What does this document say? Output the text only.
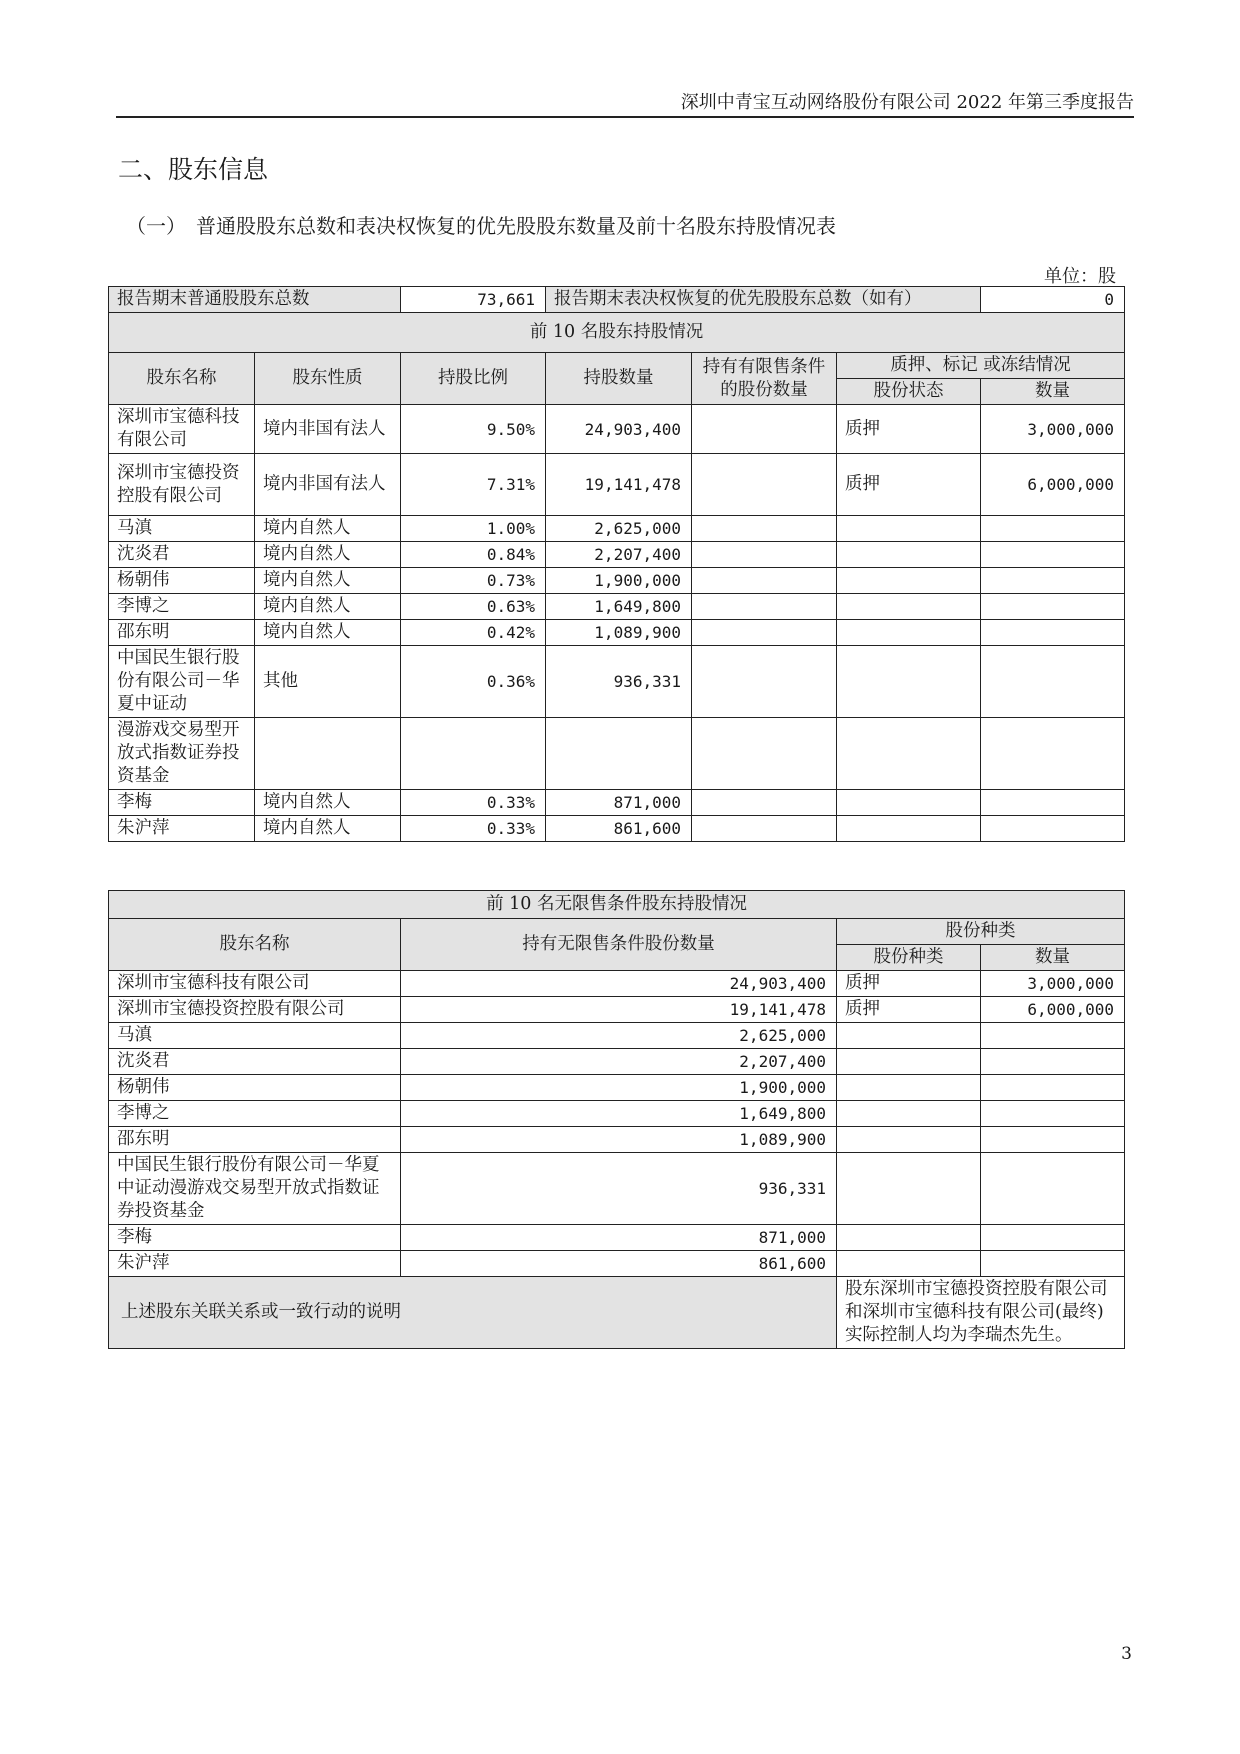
深圳中青宝互动网络股份有限公司 2022 年第三季度报告
二、股东信息
（一） 普通股股东总数和表决权恢复的优先股股东数量及前十名股东持股情况表
单位：股
报告期末普通股股东总数		73,661	报告期末表决权恢复的优先股股东总数（如有）			0
前 10 名股东持股情况						
股东名称	股东性质	持股比例	持股数量	持有有限售条件的股份数量	质押、标记 或冻结情况	
					股份状态	数量
深圳市宝德科技有限公司	境内非国有法人	9.50%	24,903,400		质押	3,000,000
深圳市宝德投资控股有限公司	境内非国有法人	7.31%	19,141,478		质押	6,000,000
马滇	境内自然人	1.00%	2,625,000			
沈炎君	境内自然人	0.84%	2,207,400			
杨朝伟	境内自然人	0.73%	1,900,000			
李博之	境内自然人	0.63%	1,649,800			
邵东明	境内自然人	0.42%	1,089,900			
中国民生银行股份有限公司－华夏中证动	其他	0.36%	936,331			
漫游戏交易型开放式指数证券投资基金						
李梅	境内自然人	0.33%	871,000			
朱沪萍	境内自然人	0.33%	861,600			
前 10 名无限售条件股东持股情况			
股东名称	持有无限售条件股份数量	股份种类	
		股份种类	数量
深圳市宝德科技有限公司	24,903,400	质押	3,000,000
深圳市宝德投资控股有限公司	19,141,478	质押	6,000,000
马滇	2,625,000		
沈炎君	2,207,400		
杨朝伟	1,900,000		
李博之	1,649,800		
邵东明	1,089,900		
中国民生银行股份有限公司－华夏中证动漫游戏交易型开放式指数证券投资基金	936,331		
李梅	871,000		
朱沪萍	861,600		
上述股东关联关系或一致行动的说明		股东深圳市宝德投资控股有限公司和深圳市宝德科技有限公司(最终)实际控制人均为李瑞杰先生。	
3
